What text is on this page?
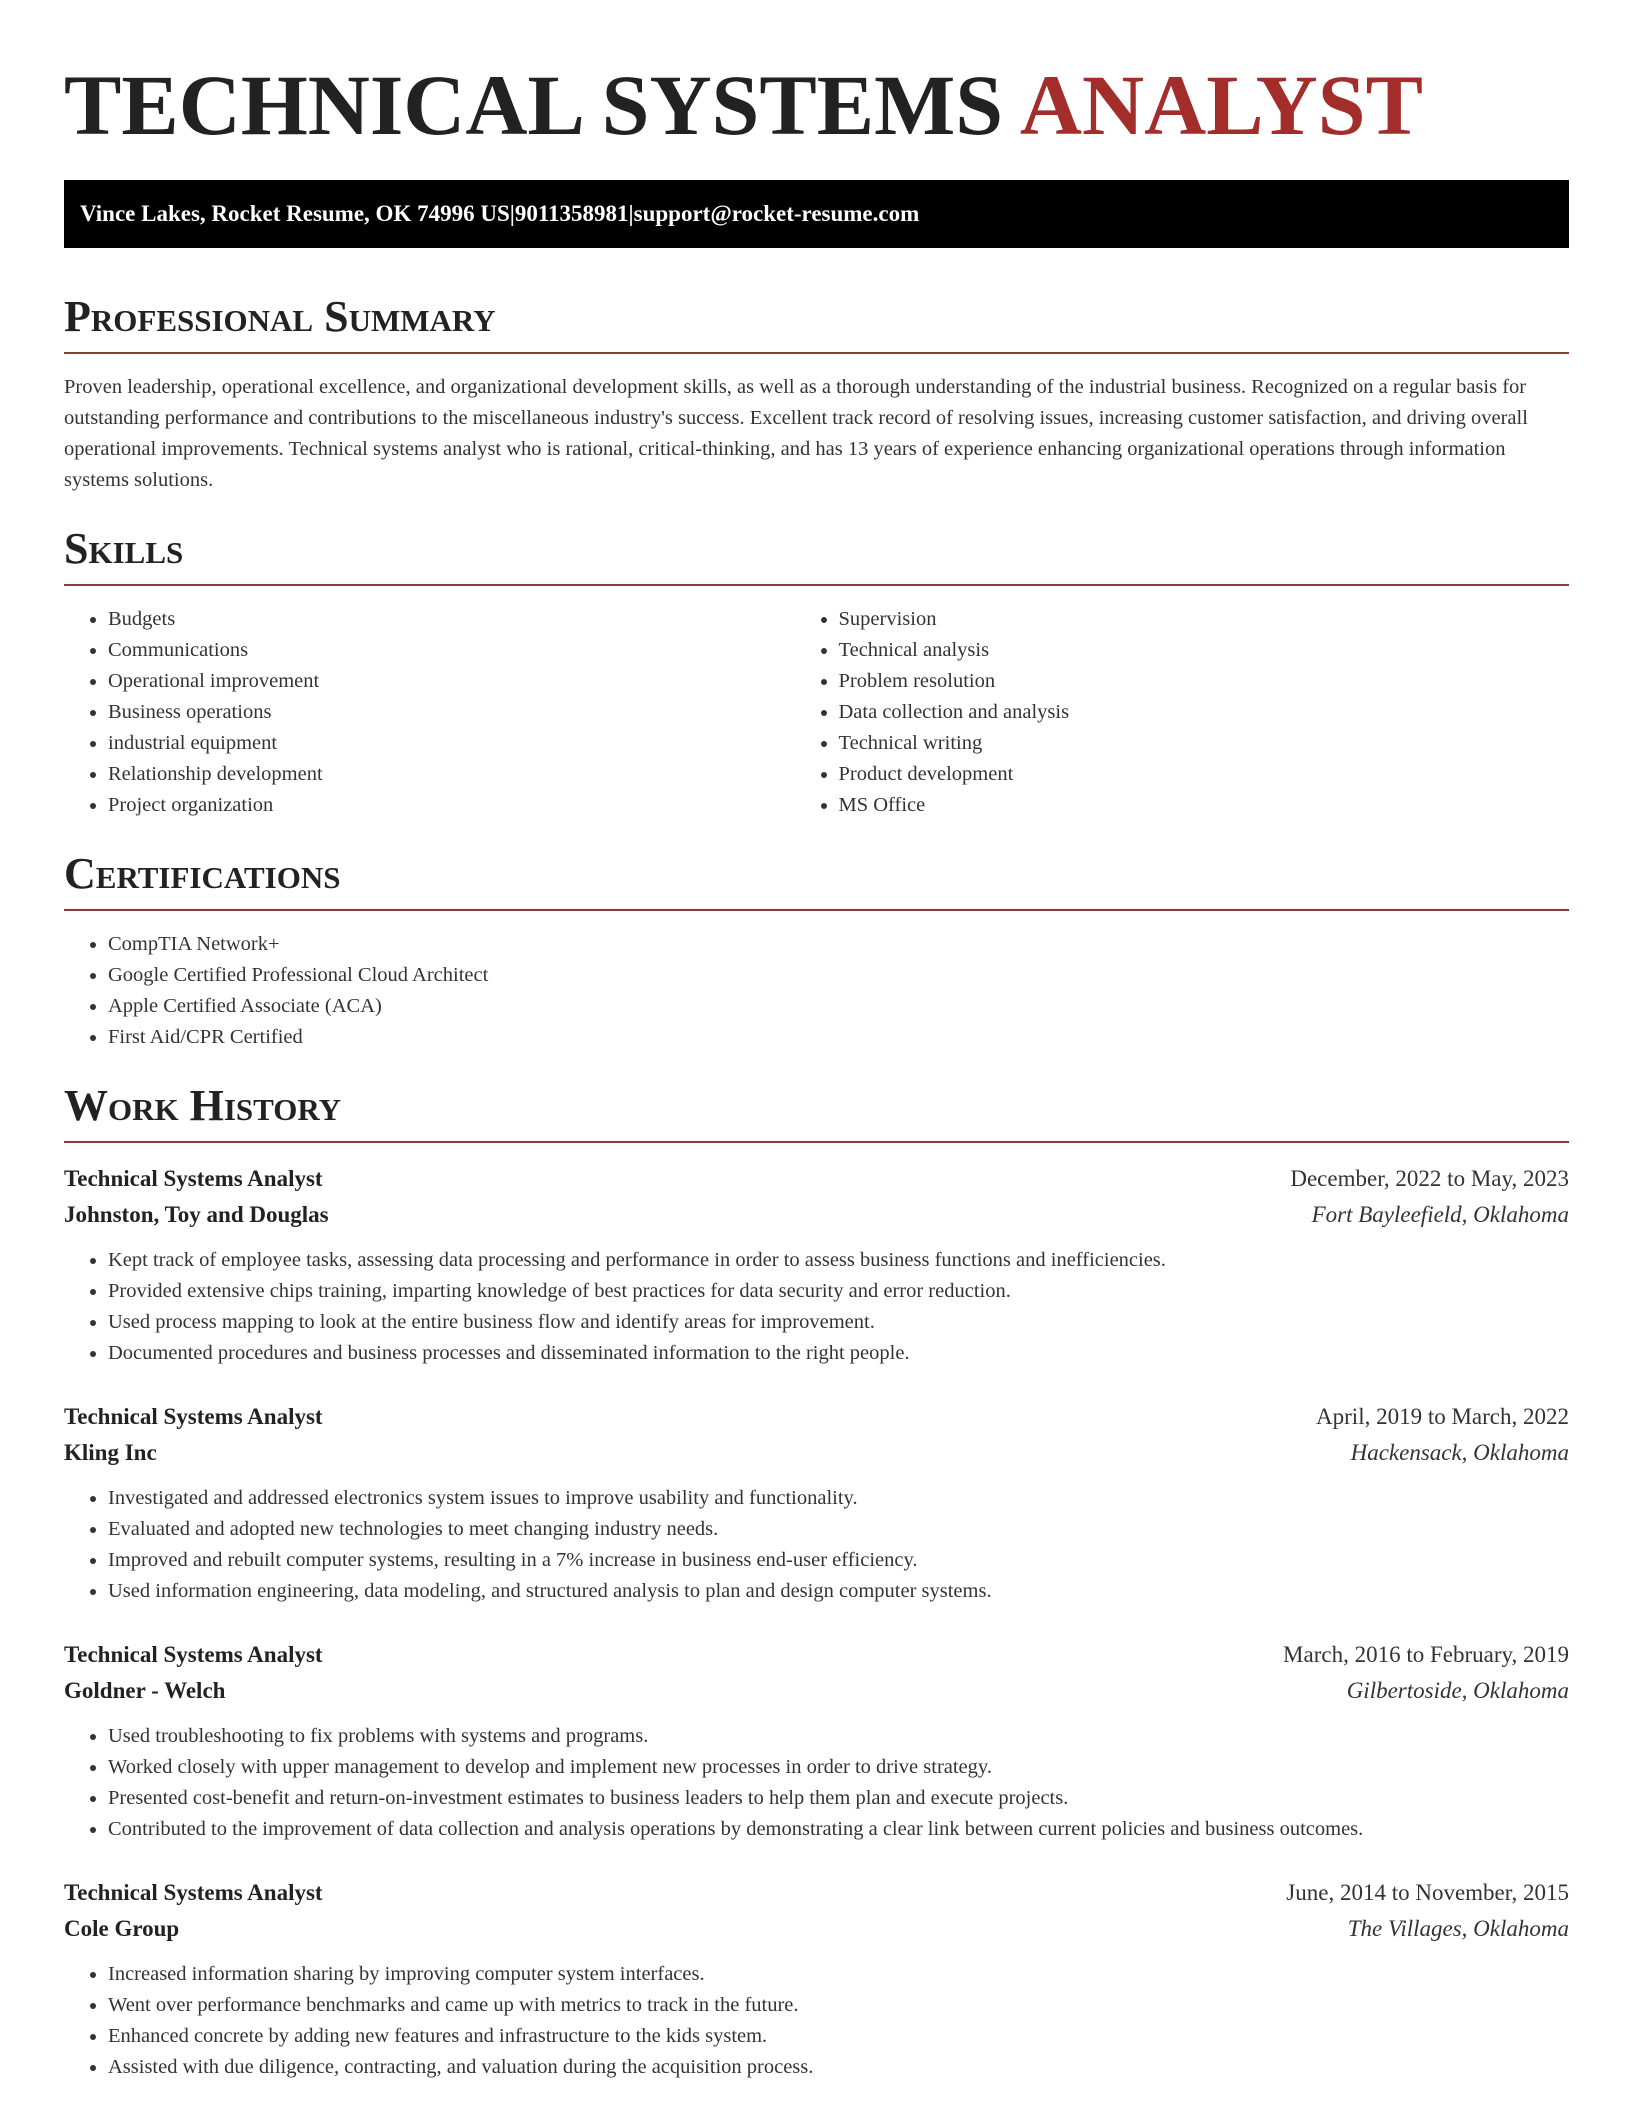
TECHNICAL SYSTEMS ANALYST
Vince Lakes, Rocket Resume, OK 74996 US | 9011358981 | support@rocket-resume.com
Professional Summary

Proven leadership, operational excellence, and organizational development skills, as well as a thorough understanding of the industrial business. Recognized on a regular basis for outstanding performance and contributions to the miscellaneous industry's success. Excellent track record of resolving issues, increasing customer satisfaction, and driving overall operational improvements. Technical systems analyst who is rational, critical-thinking, and has 13 years of experience enhancing organizational operations through information systems solutions.

Skills
• Budgets
• Communications
• Operational improvement
• Business operations
• industrial equipment
• Relationship development
• Project organization
• Supervision
• Technical analysis
• Problem resolution
• Data collection and analysis
• Technical writing
• Product development
• MS Office
Certifications
• CompTIA Network+
• Google Certified Professional Cloud Architect
• Apple Certified Associate (ACA)
• First Aid/CPR Certified
Work History
Technical Systems Analyst	December, 2022 to May, 2023
Johnston, Toy and Douglas	Fort Bayleefield, Oklahoma
• Kept track of employee tasks, assessing data processing and performance in order to assess business functions and inefficiencies.
• Provided extensive chips training, imparting knowledge of best practices for data security and error reduction.
• Used process mapping to look at the entire business flow and identify areas for improvement.
• Documented procedures and business processes and disseminated information to the right people.
Technical Systems Analyst	April, 2019 to March, 2022
Kling Inc	Hackensack, Oklahoma
• Investigated and addressed electronics system issues to improve usability and functionality.
• Evaluated and adopted new technologies to meet changing industry needs.
• Improved and rebuilt computer systems, resulting in a 7% increase in business end-user efficiency.
• Used information engineering, data modeling, and structured analysis to plan and design computer systems.
Technical Systems Analyst	March, 2016 to February, 2019
Goldner - Welch	Gilbertoside, Oklahoma
• Used troubleshooting to fix problems with systems and programs.
• Worked closely with upper management to develop and implement new processes in order to drive strategy.
• Presented cost-benefit and return-on-investment estimates to business leaders to help them plan and execute projects.
• Contributed to the improvement of data collection and analysis operations by demonstrating a clear link between current policies and business outcomes.
Technical Systems Analyst	June, 2014 to November, 2015
Cole Group	The Villages, Oklahoma
• Increased information sharing by improving computer system interfaces.
• Went over performance benchmarks and came up with metrics to track in the future.
• Enhanced concrete by adding new features and infrastructure to the kids system.
• Assisted with due diligence, contracting, and valuation during the acquisition process.
